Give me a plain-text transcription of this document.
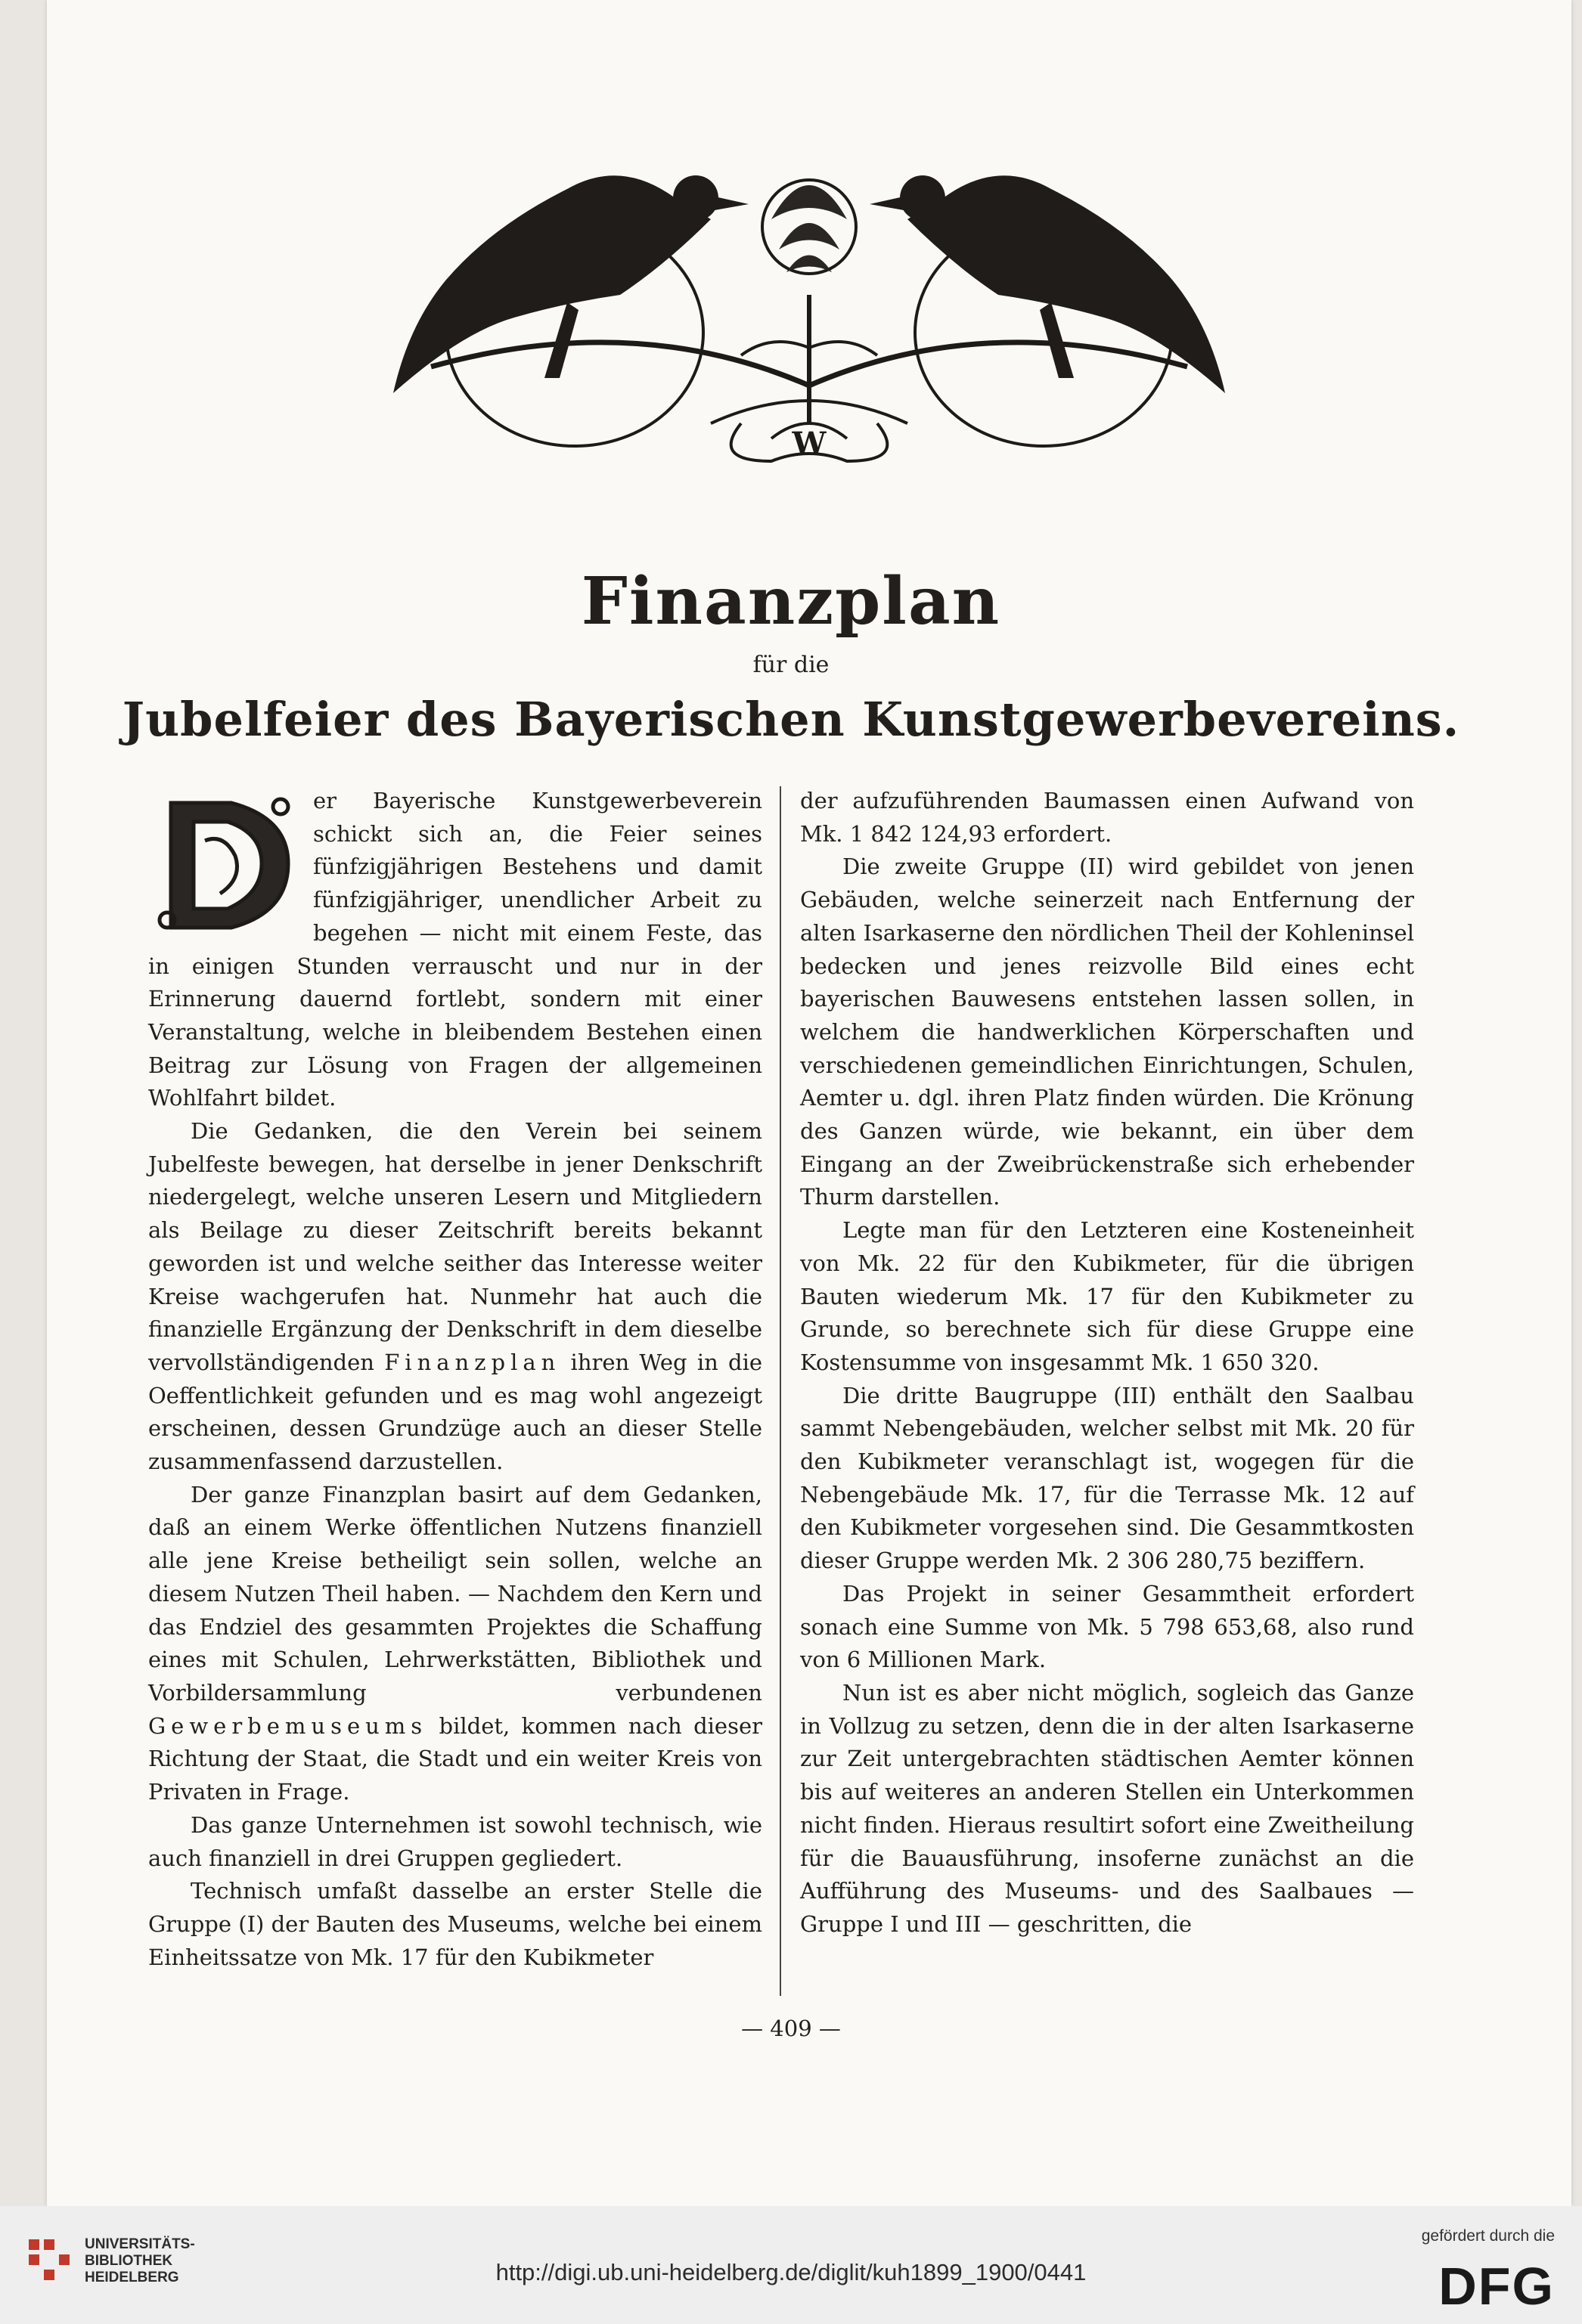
W
Finanzplan
für die
Jubelfeier des Bayerischen Kunstgewerbevereins.

er Bayerische Kunstgewerbeverein schickt sich an, die Feier seines fünfzigjährigen Bestehens und damit fünfzigjähriger, unendlicher Arbeit zu begehen — nicht mit einem Feste, das in einigen Stunden verrauscht und nur in der Erinnerung dauernd fortlebt, sondern mit einer Veranstaltung, welche in bleibendem Bestehen einen Beitrag zur Lösung von Fragen der allgemeinen Wohlfahrt bildet.

Die Gedanken, die den Verein bei seinem Jubelfeste bewegen, hat derselbe in jener Denkschrift niedergelegt, welche unseren Lesern und Mitgliedern als Beilage zu dieser Zeitschrift bereits bekannt geworden ist und welche seither das Interesse weiter Kreise wachgerufen hat. Nunmehr hat auch die finanzielle Ergänzung der Denkschrift in dem dieselbe vervollständigenden Finanzplan ihren Weg in die Oeffentlichkeit gefunden und es mag wohl angezeigt erscheinen, dessen Grundzüge auch an dieser Stelle zusammenfassend darzustellen.

Der ganze Finanzplan basirt auf dem Gedanken, daß an einem Werke öffentlichen Nutzens finanziell alle jene Kreise betheiligt sein sollen, welche an diesem Nutzen Theil haben. — Nachdem den Kern und das Endziel des gesammten Projektes die Schaffung eines mit Schulen, Lehrwerkstätten, Bibliothek und Vorbildersammlung verbundenen Gewerbemuseums bildet, kommen nach dieser Richtung der Staat, die Stadt und ein weiter Kreis von Privaten in Frage.

Das ganze Unternehmen ist sowohl technisch, wie auch finanziell in drei Gruppen gegliedert.

Technisch umfaßt dasselbe an erster Stelle die Gruppe (I) der Bauten des Museums, welche bei einem Einheitssatze von Mk. 17 für den Kubikmeter

der aufzuführenden Baumassen einen Aufwand von Mk. 1 842 124,93 erfordert.

Die zweite Gruppe (II) wird gebildet von jenen Gebäuden, welche seinerzeit nach Entfernung der alten Isarkaserne den nördlichen Theil der Kohleninsel bedecken und jenes reizvolle Bild eines echt bayerischen Bauwesens entstehen lassen sollen, in welchem die handwerklichen Körperschaften und verschiedenen gemeindlichen Einrichtungen, Schulen, Aemter u. dgl. ihren Platz finden würden. Die Krönung des Ganzen würde, wie bekannt, ein über dem Eingang an der Zweibrückenstraße sich erhebender Thurm darstellen.

Legte man für den Letzteren eine Kosteneinheit von Mk. 22 für den Kubikmeter, für die übrigen Bauten wiederum Mk. 17 für den Kubikmeter zu Grunde, so berechnete sich für diese Gruppe eine Kostensumme von insgesammt Mk. 1 650 320.

Die dritte Baugruppe (III) enthält den Saalbau sammt Nebengebäuden, welcher selbst mit Mk. 20 für den Kubikmeter veranschlagt ist, wogegen für die Nebengebäude Mk. 17, für die Terrasse Mk. 12 auf den Kubikmeter vorgesehen sind. Die Gesammtkosten dieser Gruppe werden Mk. 2 306 280,75 beziffern.

Das Projekt in seiner Gesammtheit erfordert sonach eine Summe von Mk. 5 798 653,68, also rund von 6 Millionen Mark.

Nun ist es aber nicht möglich, sogleich das Ganze in Vollzug zu setzen, denn die in der alten Isarkaserne zur Zeit untergebrachten städtischen Aemter können bis auf weiteres an anderen Stellen ein Unterkommen nicht finden. Hieraus resultirt sofort eine Zweitheilung für die Bauausführung, insoferne zunächst an die Aufführung des Museums- und des Saalbaues — Gruppe I und III — geschritten, die

— 409 —
UNIVERSITÄTS-
BIBLIOTHEK
HEIDELBERG	http://digi.ub.uni-heidelberg.de/diglit/kuh1899_1900/0441
gefördert durch die
DFG
